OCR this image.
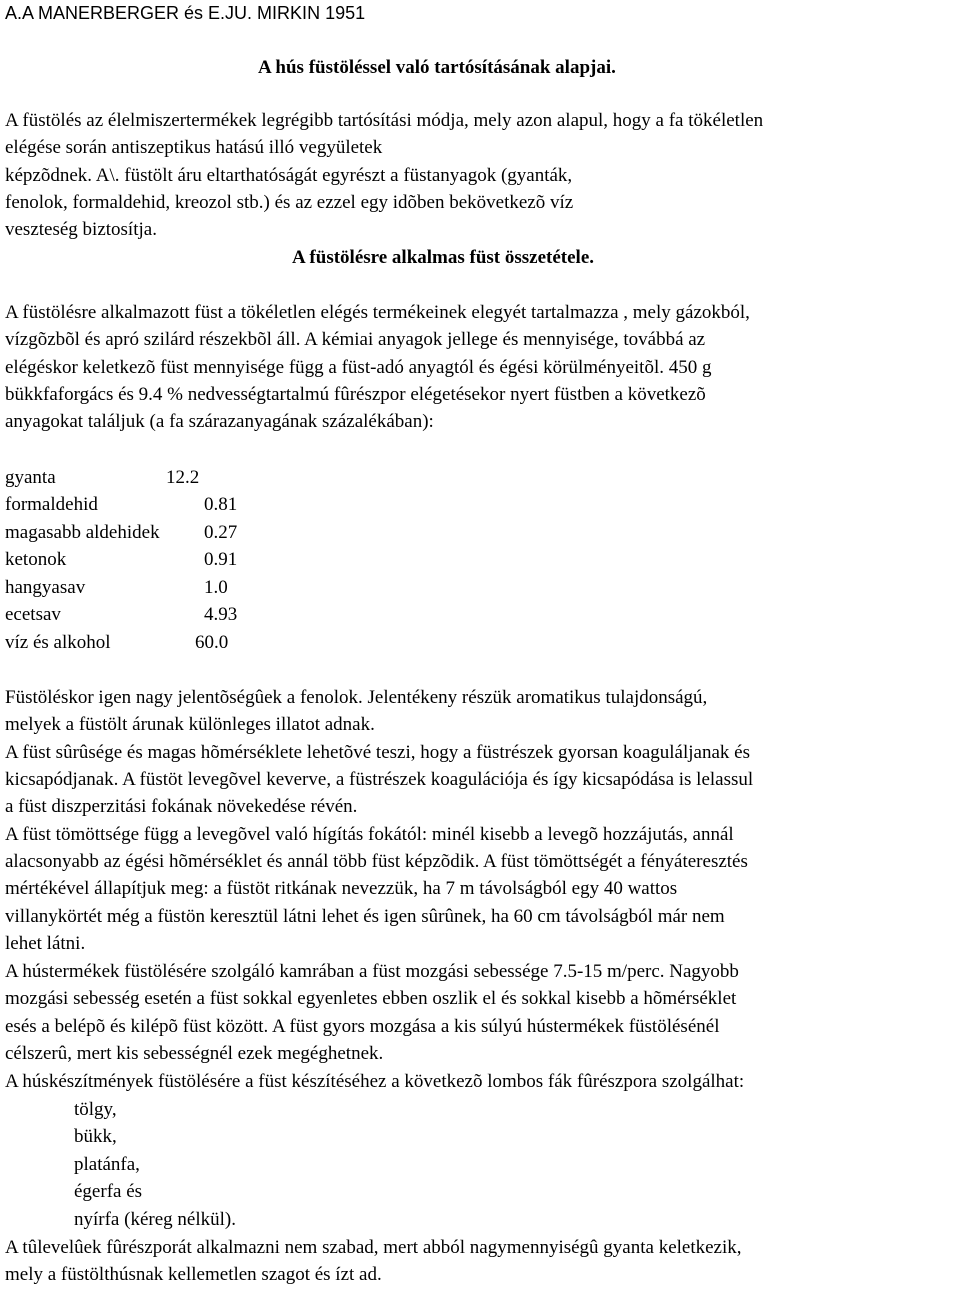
A.A MANERBERGER és E.JU. MIRKIN 1951
A hús füstöléssel való tartósításának alapjai.
A füstölés az élelmiszertermékek legrégibb tartósítási módja, mely azon alapul, hogy a fa tökéletlen
elégése során antiszeptikus hatású illó vegyületek
képzõdnek. A\. füstölt áru eltarthatóságát egyrészt a füstanyagok (gyanták,
fenolok, formaldehid, kreozol stb.) és az ezzel egy idõben bekövetkezõ víz
veszteség biztosítja.
A füstölésre alkalmas füst összetétele.
A füstölésre alkalmazott füst a tökéletlen elégés termékeinek elegyét tartalmazza , mely gázokból,
vízgõzbõl és apró szilárd részekbõl áll. A kémiai anyagok jellege és mennyisége, továbbá az
elégéskor keletkezõ füst mennyisége függ a füst-adó anyagtól és égési körülményeitõl. 450 g
bükkfaforgács és 9.4 % nedvességtartalmú fûrészpor elégetésekor nyert füstben a következõ
anyagokat találjuk (a fa szárazanyagának százalékában):
gyanta	12.2
formaldehid	0.81
magasabb aldehidek 0.27
ketonok	0.91
hangyasav	1.0
ecetsav	4.93
víz és alkohol	60.0
Füstöléskor igen nagy jelentõségûek a fenolok. Jelentékeny részük aromatikus tulajdonságú,
melyek a füstölt árunak különleges illatot adnak.
A füst sûrûsége és magas hõmérséklete lehetõvé teszi, hogy a füstrészek gyorsan koaguláljanak és
kicsapódjanak. A füstöt levegõvel keverve, a füstrészek koagulációja és így kicsapódása is lelassul
a füst diszperzitási fokának növekedése révén.
A füst tömöttsége függ a levegõvel való hígítás fokától: minél kisebb a levegõ hozzájutás, annál
alacsonyabb az égési hõmérséklet és annál több füst képzõdik. A füst tömöttségét a fényáteresztés
mértékével állapítjuk meg: a füstöt ritkának nevezzük, ha 7 m távolságból egy 40 wattos
villanykörtét még a füstön keresztül látni lehet és igen sûrûnek, ha 60 cm távolságból már nem
lehet látni.
A hústermékek füstölésére szolgáló kamrában a füst mozgási sebessége 7.5-15 m/perc. Nagyobb
mozgási sebesség esetén a füst sokkal egyenletes ebben oszlik el és sokkal kisebb a hõmérséklet
esés a belépõ és kilépõ füst között. A füst gyors mozgása a kis súlyú hústermékek füstölésénél
célszerû, mert kis sebességnél ezek megéghetnek.
A húskészítmények füstölésére a füst készítéséhez a következõ lombos fák fûrészpora szolgálhat:
tölgy,
bükk,
platánfa,
égerfa és
nyírfa (kéreg nélkül).
A tûlevelûek fûrészporát alkalmazni nem szabad, mert abból nagymennyiségû gyanta keletkezik,
mely a füstölthúsnak kellemetlen szagot és ízt ad.
